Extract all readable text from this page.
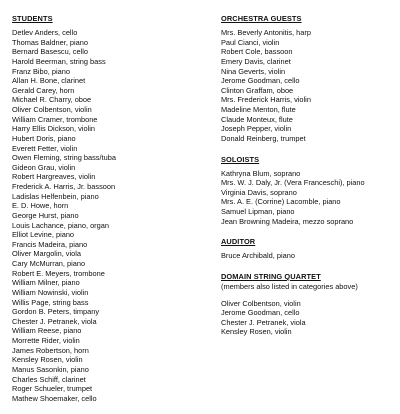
STUDENTS
Detlev Anders, cello
Thomas Baldner, piano
Bernard Basescu, cello
Harold Beerman, string bass
Franz Bibo, piano
Allan H. Bone, clarinet
Gerald Carey, horn
Michael R. Charry, oboe
Oliver Colbentson, violin
William Cramer, trombone
Harry Ellis Dickson, violin
Hubert Doris, piano
Everett Fetter, violin
Owen Fleming, string bass/tuba
Gideon Grau, violin
Robert Hargreaves, violin
Frederick A. Harris, Jr. bassoon
Ladislas Helfenbein, piano
E. D. Howe, horn
George Hurst, piano
Louis Lachance, piano, organ
Elliot Levine, piano
Francis Madeira, piano
Oliver Margolin, viola
Cary McMurran, piano
Robert E. Meyers, trombone
William Milner, piano
William Nowinski, violin
Willis Page, string bass
Gordon B. Peters, timpany
Chester J. Petranek, viola
William Reese, piano
Morrette Rider, violin
James Robertson, horn
Kensley Rosen, violin
Manus Sasonkin, piano
Charles Schiff, clarinet
Roger Schueler, trumpet
Mathew Shoemaker, cello
ORCHESTRA GUESTS
Mrs. Beverly Antonitis, harp
Paul Cianci, violin
Robert Cole, bassoon
Emery Davis, clarinet
Nina Geverts, violin
Jerome Goodman, cello
Clinton Graffam, oboe
Mrs. Frederick Harris, violin
Madeline Menton, flute
Claude Monteux, flute
Joseph Pepper, violin
Donald Reinberg, trumpet
SOLOISTS
Kathryna Blum, soprano
Mrs. W. J. Daly, Jr. (Vera Franceschi), piano
Virginia Davis, soprano
Mrs. A. E. (Corrine) Lacomble, piano
Samuel Lipman, piano
Jean Browning Madeira, mezzo soprano
AUDITOR
Bruce Archibald, piano
DOMAIN STRING QUARTET
(members also listed in categories above)
Oliver Colbentson, violin
Jerome Goodman, cello
Chester J. Petranek, viola
Kensley Rosen, violin
